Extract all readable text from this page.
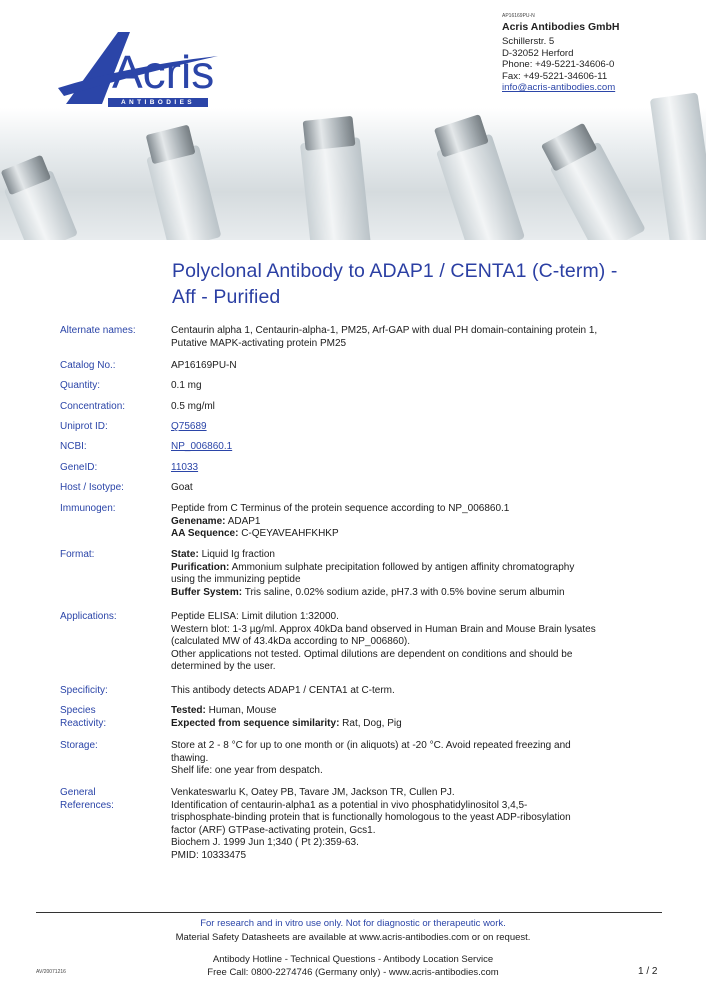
Acris
ANTIBODIES
AP16169PU-N
Acris Antibodies GmbH
Schillerstr. 5
D-32052 Herford
Phone: +49-5221-34606-0
Fax: +49-5221-34606-11
info@acris-antibodies.com
Polyclonal Antibody to ADAP1 / CENTA1 (C-term) - Aff - Purified
Alternate names:	Centaurin alpha 1, Centaurin-alpha-1, PM25, Arf-GAP with dual PH domain-containing protein 1,
Putative MAPK-activating protein PM25
Catalog No.:	AP16169PU-N
Quantity:	0.1 mg
Concentration:	0.5 mg/ml
Uniprot ID:	Q75689
NCBI:	NP_006860.1
GeneID:	11033
Host / Isotype:	Goat
Immunogen:	Peptide from C Terminus of the protein sequence according to NP_006860.1
Genename: ADAP1
AA Sequence: C-QEYAVEAHFKHKP
Format:	State: Liquid Ig fraction
Purification: Ammonium sulphate precipitation followed by antigen affinity chromatography
using the immunizing peptide
Buffer System: Tris saline, 0.02% sodium azide, pH7.3 with 0.5% bovine serum albumin
Applications:	Peptide ELISA: Limit dilution 1:32000.
Western blot: 1-3 µg/ml. Approx 40kDa band observed in Human Brain and Mouse Brain lysates
(calculated MW of 43.4kDa according to NP_006860).
Other applications not tested. Optimal dilutions are dependent on conditions and should be
determined by the user.
Specificity:	This antibody detects ADAP1 / CENTA1 at C-term.
Species
Reactivity:
Tested: Human, Mouse
Expected from sequence similarity: Rat, Dog, Pig
Storage:	Store at 2 - 8 °C for up to one month or (in aliquots) at -20 °C. Avoid repeated freezing and
thawing.
Shelf life: one year from despatch.
General
References:
Venkateswarlu K, Oatey PB, Tavare JM, Jackson TR, Cullen PJ.
Identification of centaurin-alpha1 as a potential in vivo phosphatidylinositol 3,4,5-
trisphosphate-binding protein that is functionally homologous to the yeast ADP-ribosylation
factor (ARF) GTPase-activating protein, Gcs1.
Biochem J. 1999 Jun 1;340 ( Pt 2):359-63.
PMID: 10333475
For research and in vitro use only. Not for diagnostic or therapeutic work.
Material Safety Datasheets are available at www.acris-antibodies.com or on request.
Antibody Hotline - Technical Questions - Antibody Location Service
Free Call: 0800-2274746 (Germany only) - www.acris-antibodies.com
AV/20071216	1 / 2
